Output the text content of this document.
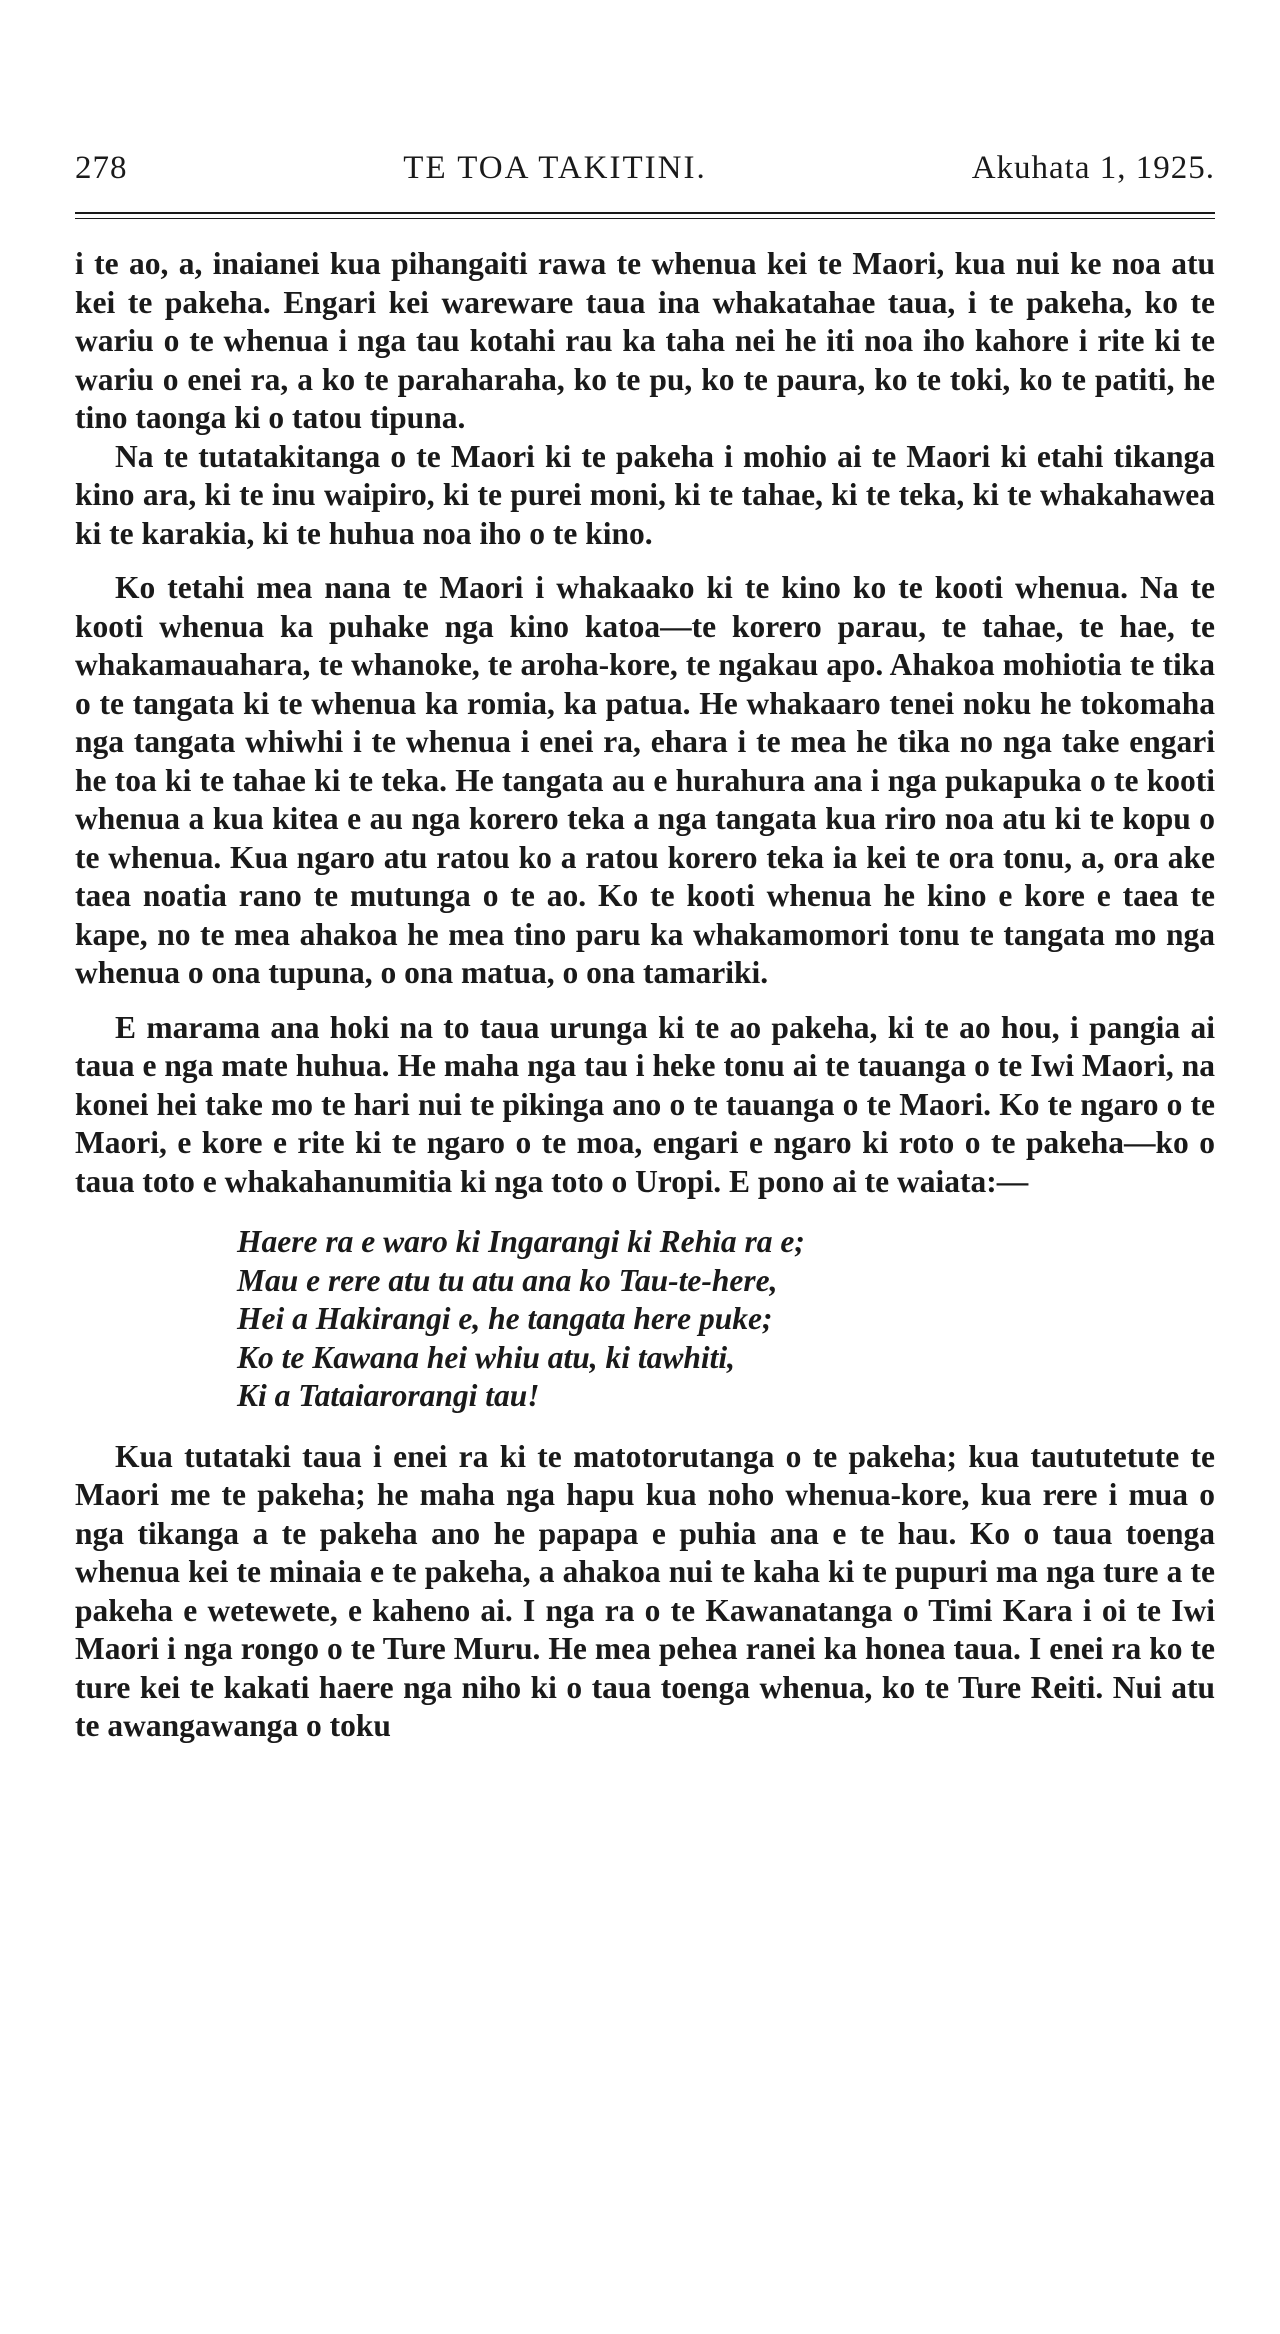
278	TE TOA TAKITINI.	Akuhata 1, 1925.

i te ao, a, inaianei kua pihangaiti rawa te whenua kei te Maori, kua nui ke noa atu kei te pakeha. Engari kei wareware taua ina whakatahae taua, i te pakeha, ko te wariu o te whenua i nga tau kotahi rau ka taha nei he iti noa iho kahore i rite ki te wariu o enei ra, a ko te paraharaha, ko te pu, ko te paura, ko te toki, ko te patiti, he tino taonga ki o tatou tipuna.

Na te tutatakitanga o te Maori ki te pakeha i mohio ai te Maori ki etahi tikanga kino ara, ki te inu waipiro, ki te purei moni, ki te tahae, ki te teka, ki te whakahawea ki te karakia, ki te huhua noa iho o te kino.

Ko tetahi mea nana te Maori i whakaako ki te kino ko te kooti whenua. Na te kooti whenua ka puhake nga kino katoa—te korero parau, te tahae, te hae, te whakamauahara, te whanoke, te aroha-kore, te ngakau apo. Ahakoa mohiotia te tika o te tangata ki te whenua ka romia, ka patua. He whakaaro tenei noku he tokomaha nga tangata whiwhi i te whenua i enei ra, ehara i te mea he tika no nga take engari he toa ki te tahae ki te teka. He tangata au e hurahura ana i nga pukapuka o te kooti whenua a kua kitea e au nga korero teka a nga tangata kua riro noa atu ki te kopu o te whenua. Kua ngaro atu ratou ko a ratou korero teka ia kei te ora tonu, a, ora ake taea noatia rano te mutunga o te ao. Ko te kooti whenua he kino e kore e taea te kape, no te mea ahakoa he mea tino paru ka whakamomori tonu te tangata mo nga whenua o ona tupuna, o ona matua, o ona tamariki.

E marama ana hoki na to taua urunga ki te ao pakeha, ki te ao hou, i pangia ai taua e nga mate huhua. He maha nga tau i heke tonu ai te tauanga o te Iwi Maori, na konei hei take mo te hari nui te pikinga ano o te tauanga o te Maori. Ko te ngaro o te Maori, e kore e rite ki te ngaro o te moa, engari e ngaro ki roto o te pakeha—ko o taua toto e whakahanumitia ki nga toto o Uropi. E pono ai te waiata:—

Haere ra e waro ki Ingarangi ki Rehia ra e;
Mau e rere atu tu atu ana ko Tau-te-here,
Hei a Hakirangi e, he tangata here puke;
Ko te Kawana hei whiu atu, ki tawhiti,
Ki a Tataiarorangi tau!

Kua tutataki taua i enei ra ki te matotorutanga o te pakeha; kua taututetute te Maori me te pakeha; he maha nga hapu kua noho whenua-kore, kua rere i mua o nga tikanga a te pakeha ano he papapa e puhia ana e te hau. Ko o taua toenga whenua kei te minaia e te pakeha, a ahakoa nui te kaha ki te pupuri ma nga ture a te pakeha e wetewete, e kaheno ai. I nga ra o te Kawanatanga o Timi Kara i oi te Iwi Maori i nga rongo o te Ture Muru. He mea pehea ranei ka honea taua. I enei ra ko te ture kei te kakati haere nga niho ki o taua toenga whenua, ko te Ture Reiti. Nui atu te awangawanga o toku
